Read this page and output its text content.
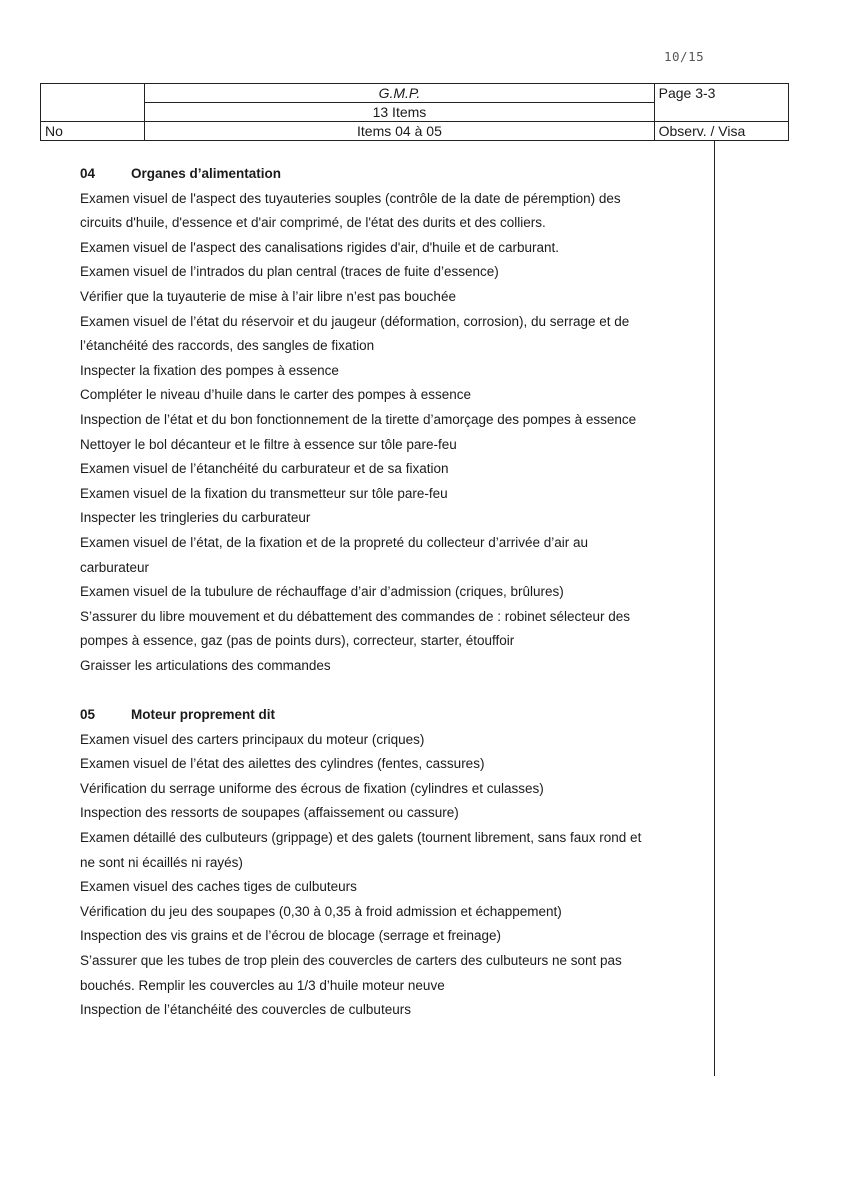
10/15
	G.M.P.	Page 3-3
	13 Items	
No	Items 04 à 05	Observ. / Visa
04	Organes d’alimentation
Examen visuel de l'aspect des tuyauteries souples (contrôle de la date de péremption) des
circuits d'huile, d'essence et d'air comprimé, de l'état des durits et des colliers.
Examen visuel de l'aspect des canalisations rigides d'air, d'huile et de carburant.
Examen visuel de l’intrados du plan central (traces de fuite d’essence)
Vérifier que la tuyauterie de mise à l’air libre n’est pas bouchée
Examen visuel de l’état du réservoir et du jaugeur (déformation, corrosion), du serrage et de
l’étanchéité des raccords, des sangles de fixation
Inspecter la fixation des pompes à essence
Compléter le niveau d’huile dans le carter des pompes à essence
Inspection de l’état et du bon fonctionnement de la tirette d’amorçage des pompes à essence
Nettoyer le bol décanteur et le filtre à essence sur tôle pare-feu
Examen visuel de l’étanchéité du carburateur et de sa fixation
Examen visuel de la fixation du transmetteur sur tôle pare-feu
Inspecter les tringleries du carburateur
Examen visuel de l’état, de la fixation et de la propreté du collecteur d’arrivée d’air au
carburateur
Examen visuel de la tubulure de réchauffage d’air d’admission (criques, brûlures)
S’assurer du libre mouvement et du débattement des commandes de : robinet sélecteur des
pompes à essence, gaz (pas de points durs), correcteur, starter, étouffoir
Graisser les articulations des commandes
05	Moteur proprement dit
Examen visuel des carters principaux du moteur (criques)
Examen visuel de l’état des ailettes des cylindres (fentes, cassures)
Vérification du serrage uniforme des écrous de fixation (cylindres et culasses)
Inspection des ressorts de soupapes (affaissement ou cassure)
Examen détaillé des culbuteurs (grippage) et des galets (tournent librement, sans faux rond et
ne sont ni écaillés ni rayés)
Examen visuel des caches tiges de culbuteurs
Vérification du jeu des soupapes (0,30 à 0,35 à froid admission et échappement)
Inspection des vis grains et de l’écrou de blocage (serrage et freinage)
S’assurer que les tubes de trop plein des couvercles de carters des culbuteurs ne sont pas
bouchés. Remplir les couvercles au 1/3 d’huile moteur neuve
Inspection de l’étanchéité des couvercles de culbuteurs
